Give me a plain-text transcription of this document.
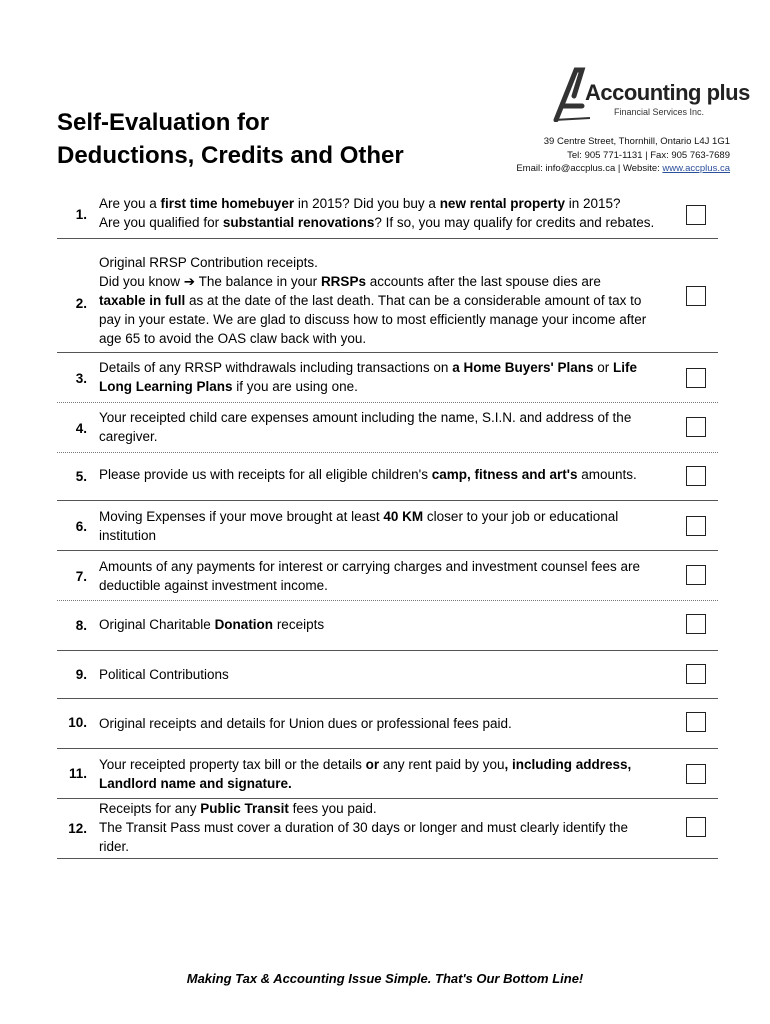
Self-Evaluation for
Deductions, Credits and Other
Accounting plus
Financial Services Inc.
39 Centre Street, Thornhill, Ontario L4J 1G1
Tel: 905 771-1131 | Fax: 905 763-7689
Email: info@accplus.ca | Website: www.accplus.ca
1.
Are you a first time homebuyer in 2015? Did you buy a new rental property in 2015?
Are you qualified for substantial renovations? If so, you may qualify for credits and rebates.
2.
Original RRSP Contribution receipts.
Did you know ➔ The balance in your RRSPs accounts after the last spouse dies are
taxable in full as at the date of the last death. That can be a considerable amount of tax to
pay in your estate. We are glad to discuss how to most efficiently manage your income after
age 65 to avoid the OAS claw back with you.
3.
Details of any RRSP withdrawals including transactions on a Home Buyers' Plans or Life
Long Learning Plans if you are using one.
4.
Your receipted child care expenses amount including the name, S.I.N. and address of the
caregiver.
5. Please provide us with receipts for all eligible children's camp, fitness and art's amounts.
6.
Moving Expenses if your move brought at least 40 KM closer to your job or educational
institution
7.
Amounts of any payments for interest or carrying charges and investment counsel fees are
deductible against investment income.
8. Original Charitable Donation receipts
9. Political Contributions
10. Original receipts and details for Union dues or professional fees paid.
11.
Your receipted property tax bill or the details or any rent paid by you, including address,
Landlord name and signature.
12.
Receipts for any Public Transit fees you paid.
The Transit Pass must cover a duration of 30 days or longer and must clearly identify the
rider.
Making Tax & Accounting Issue Simple. That's Our Bottom Line!
